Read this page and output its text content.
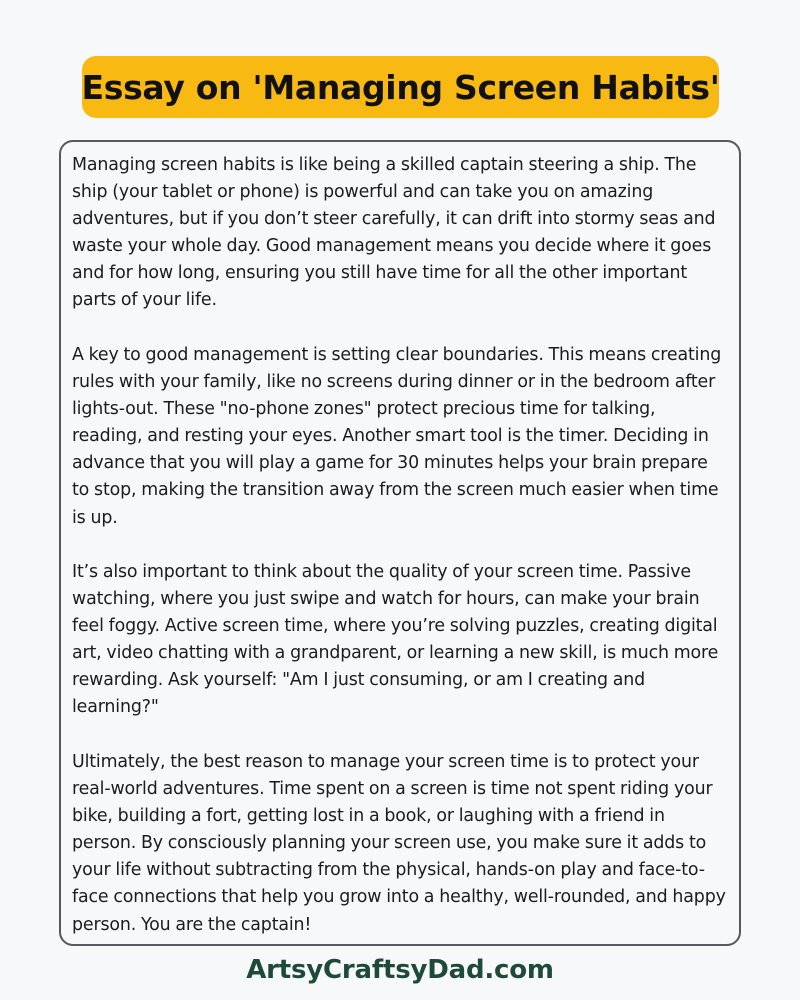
Essay on 'Managing Screen Habits'

Managing screen habits is like being a skilled captain steering a ship. The ship (your tablet or phone) is powerful and can take you on amazing adventures, but if you don’t steer carefully, it can drift into stormy seas and waste your whole day. Good management means you decide where it goes and for how long, ensuring you still have time for all the other important parts of your life.

A key to good management is setting clear boundaries. This means creating rules with your family, like no screens during dinner or in the bedroom after lights-out. These "no-phone zones" protect precious time for talking, reading, and resting your eyes. Another smart tool is the timer. Deciding in advance that you will play a game for 30 minutes helps your brain prepare to stop, making the transition away from the screen much easier when time is up.

It’s also important to think about the quality of your screen time. Passive watching, where you just swipe and watch for hours, can make your brain feel foggy. Active screen time, where you’re solving puzzles, creating digital art, video chatting with a grandparent, or learning a new skill, is much more rewarding. Ask yourself: "Am I just consuming, or am I creating and learning?"

Ultimately, the best reason to manage your screen time is to protect your real-world adventures. Time spent on a screen is time not spent riding your bike, building a fort, getting lost in a book, or laughing with a friend in person. By consciously planning your screen use, you make sure it adds to your life without subtracting from the physical, hands-on play and face-to-face connections that help you grow into a healthy, well-rounded, and happy person. You are the captain!

ArtsyCraftsyDad.com
